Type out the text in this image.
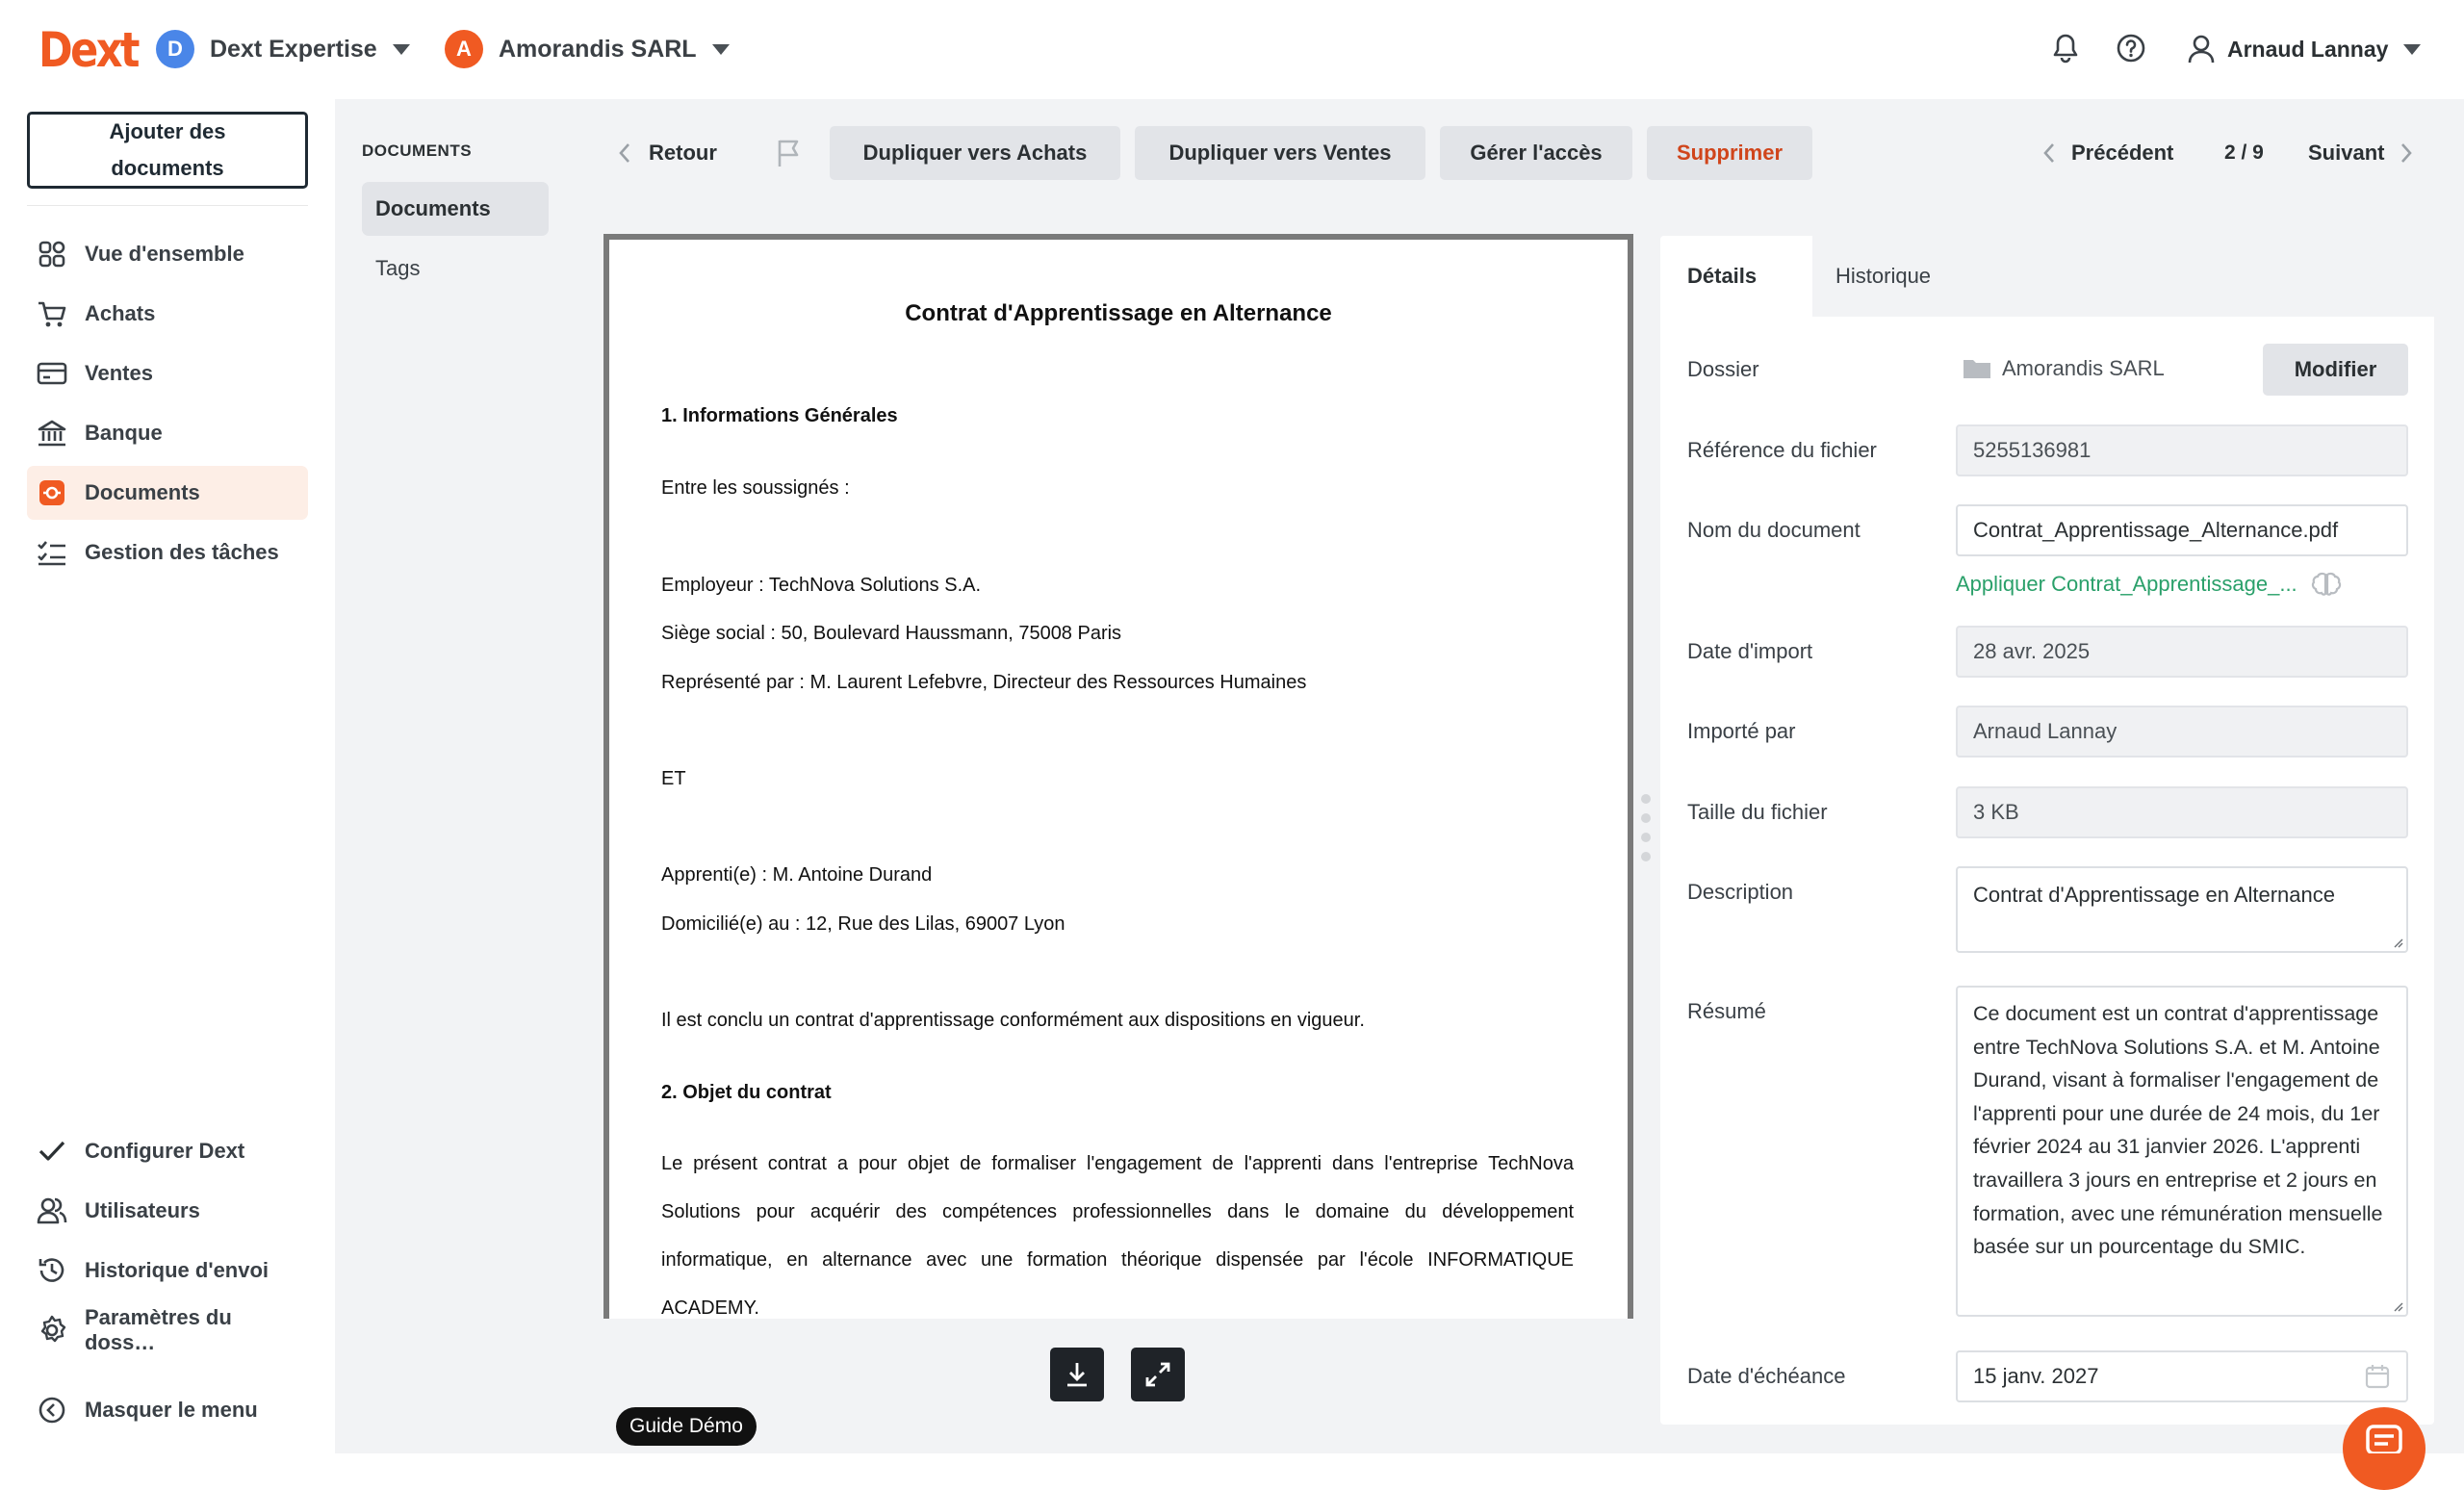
Dext	D	Dext Expertise	A	Amorandis SARL	Arnaud Lannay
Ajouter des documents
Vue d'ensemble
Achats
Ventes
Banque
Documents
Gestion des tâches
Configurer Dext
Utilisateurs
Historique d'envoi
Paramètres du doss…
Masquer le menu
DOCUMENTS
Documents
Tags
Retour	Dupliquer vers Achats	Dupliquer vers Ventes	Gérer l'accès	Supprimer	Précédent	2 / 9 Suivant
Contrat d'Apprentissage en Alternance

1. Informations Générales

Entre les soussignés :

Employeur : TechNova Solutions S.A.

Siège social : 50, Boulevard Haussmann, 75008 Paris

Représenté par : M. Laurent Lefebvre, Directeur des Ressources Humaines

ET

Apprenti(e) : M. Antoine Durand

Domicilié(e) au : 12, Rue des Lilas, 69007 Lyon

Il est conclu un contrat d'apprentissage conformément aux dispositions en vigueur.

2. Objet du contrat

Le présent contrat a pour objet de formaliser l'engagement de l'apprenti dans l'entreprise TechNova Solutions pour acquérir des compétences professionnelles dans le domaine du développement informatique, en alternance avec une formation théorique dispensée par l'école INFORMATIQUE ACADEMY.

Guide Démo
Détails	Historique
Dossier	Amorandis SARL	Modifier
Référence du fichier	5255136981
Nom du document	Contrat_Apprentissage_Alternance.pdf
Appliquer Contrat_Apprentissage_...
Date d'import	28 avr. 2025
Importé par	Arnaud Lannay
Taille du fichier	3 KB
Description	Contrat d'Apprentissage en Alternance
Résumé	Ce document est un contrat d'apprentissage entre TechNova Solutions S.A. et M. Antoine Durand, visant à formaliser l'engagement de l'apprenti pour une durée de 24 mois, du 1er février 2024 au 31 janvier 2026. L'apprenti travaillera 3 jours en entreprise et 2 jours en formation, avec une rémunération mensuelle basée sur un pourcentage du SMIC.
Date d'échéance	15 janv. 2027
